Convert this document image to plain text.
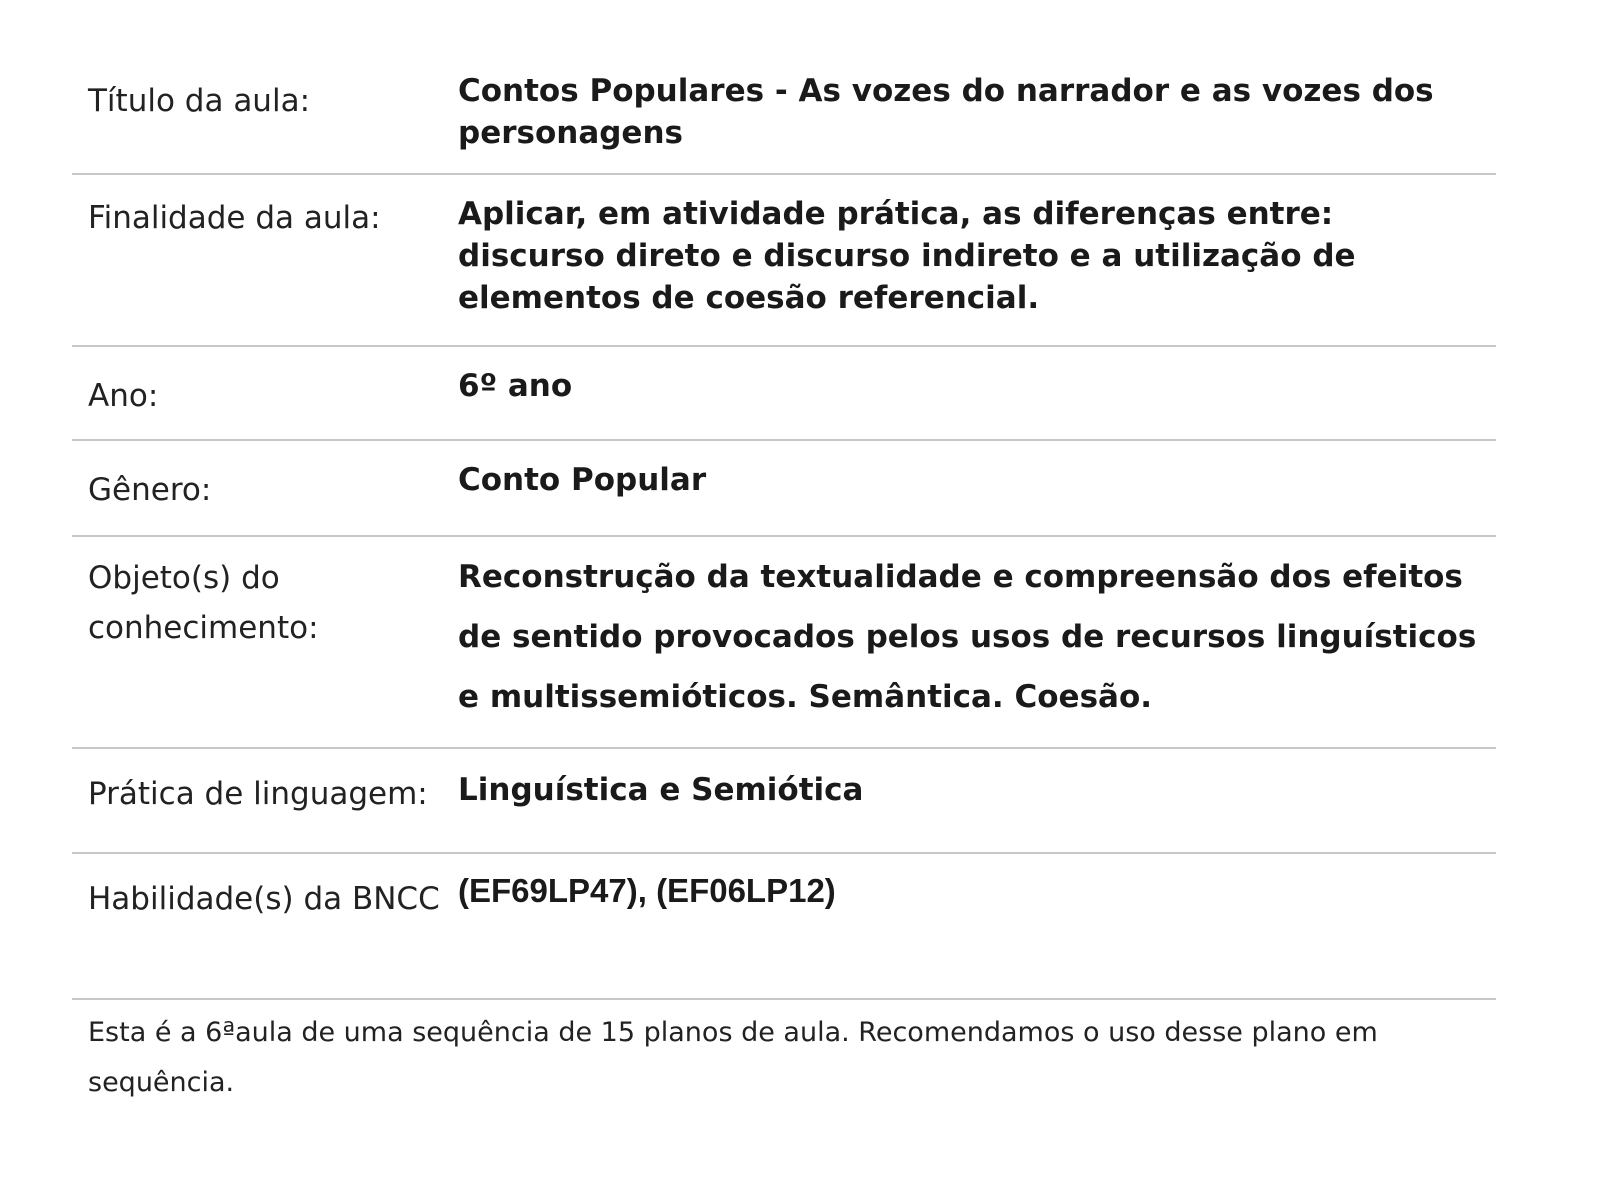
Título da aula:	Contos Populares - As vozes do narrador e as vozes dos personagens
Finalidade da aula:	Aplicar, em atividade prática, as diferenças entre: discurso direto e discurso indireto e a utilização de elementos de coesão referencial.
Ano:	6º ano
Gênero:	Conto Popular
Objeto(s) do conhecimento:
Reconstrução da textualidade e compreensão dos efeitos de sentido provocados pelos usos de recursos linguísticos e multissemióticos. Semântica. Coesão.
Prática de linguagem: Linguística e Semiótica
Habilidade(s) da BNCC (EF69LP47), (EF06LP12)
Esta é a 6ªaula de uma sequência de 15 planos de aula. Recomendamos o uso desse plano em sequência.
